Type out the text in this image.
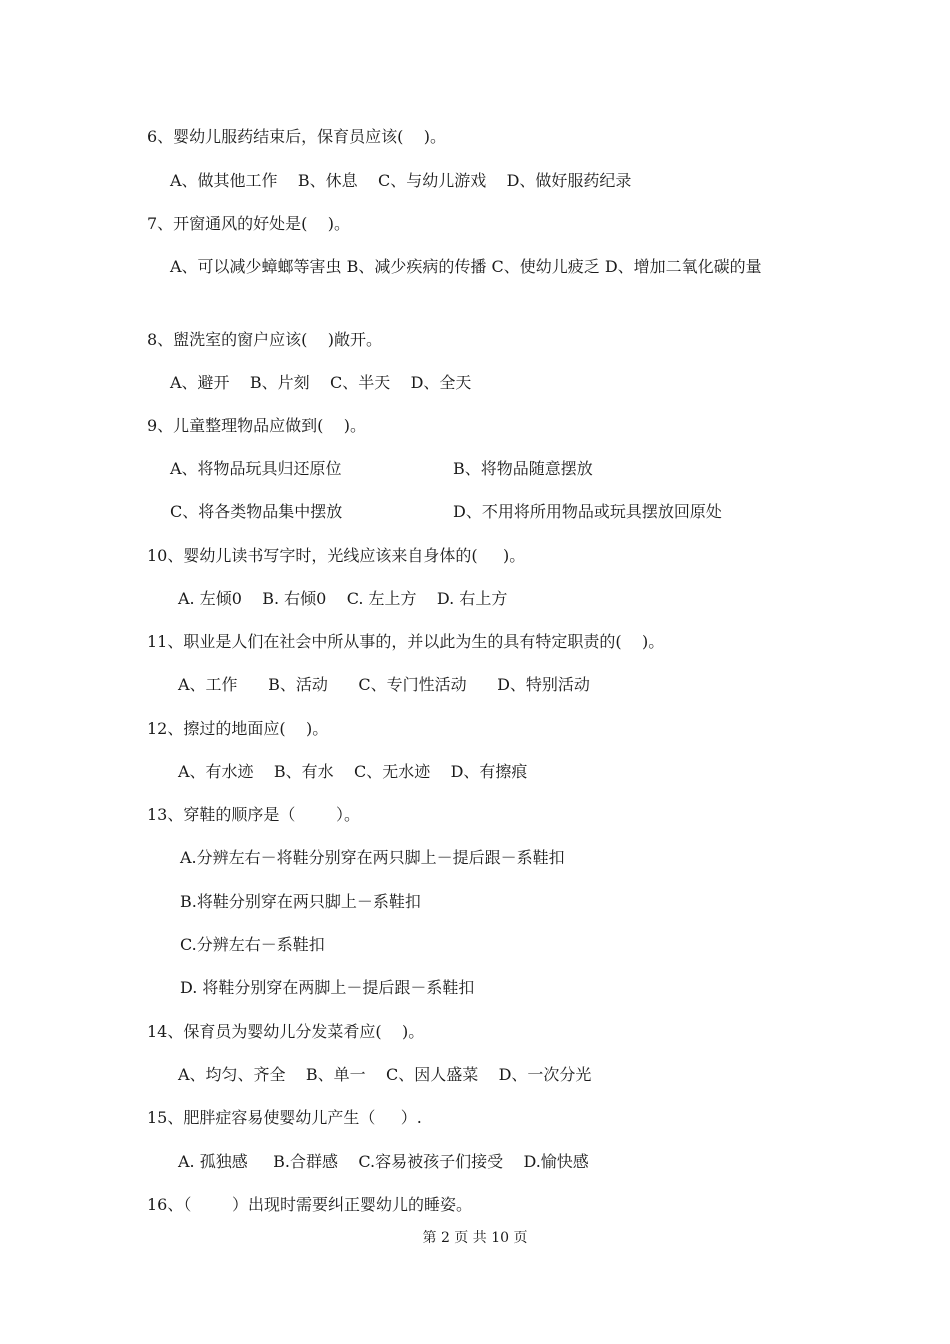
6、婴幼儿服药结束后，保育员应该(    )。
A、做其他工作    B、休息    C、与幼儿游戏    D、做好服药纪录
7、开窗通风的好处是(    )。
A、可以减少蟑螂等害虫 B、减少疾病的传播 C、使幼儿疲乏 D、增加二氧化碳的量
8、盥洗室的窗户应该(    )敞开。
A、避开    B、片刻    C、半天    D、全天
9、儿童整理物品应做到(    )。
A、将物品玩具归还原位	B、将物品随意摆放
C、将各类物品集中摆放	D、不用将所用物品或玩具摆放回原处
10、婴幼儿读书写字时，光线应该来自身体的(     )。
A. 左倾0    B. 右倾0    C. 左上方    D. 右上方
11、职业是人们在社会中所从事的，并以此为生的具有特定职责的(    )。
A、工作      B、活动      C、专门性活动      D、特别活动
12、擦过的地面应(    )。
A、有水迹    B、有水    C、无水迹    D、有擦痕
13、穿鞋的顺序是（        ）。
A.分辨左右－将鞋分别穿在两只脚上－提后跟－系鞋扣
B.将鞋分别穿在两只脚上－系鞋扣
C.分辨左右－系鞋扣
D. 将鞋分别穿在两脚上－提后跟－系鞋扣
14、保育员为婴幼儿分发菜肴应(    )。
A、均匀、齐全    B、单一    C、因人盛菜    D、一次分光
15、肥胖症容易使婴幼儿产生（     ）.
A. 孤独感     B.合群感    C.容易被孩子们接受    D.愉快感
16、（        ）出现时需要纠正婴幼儿的睡姿。
第 2 页 共 10 页
